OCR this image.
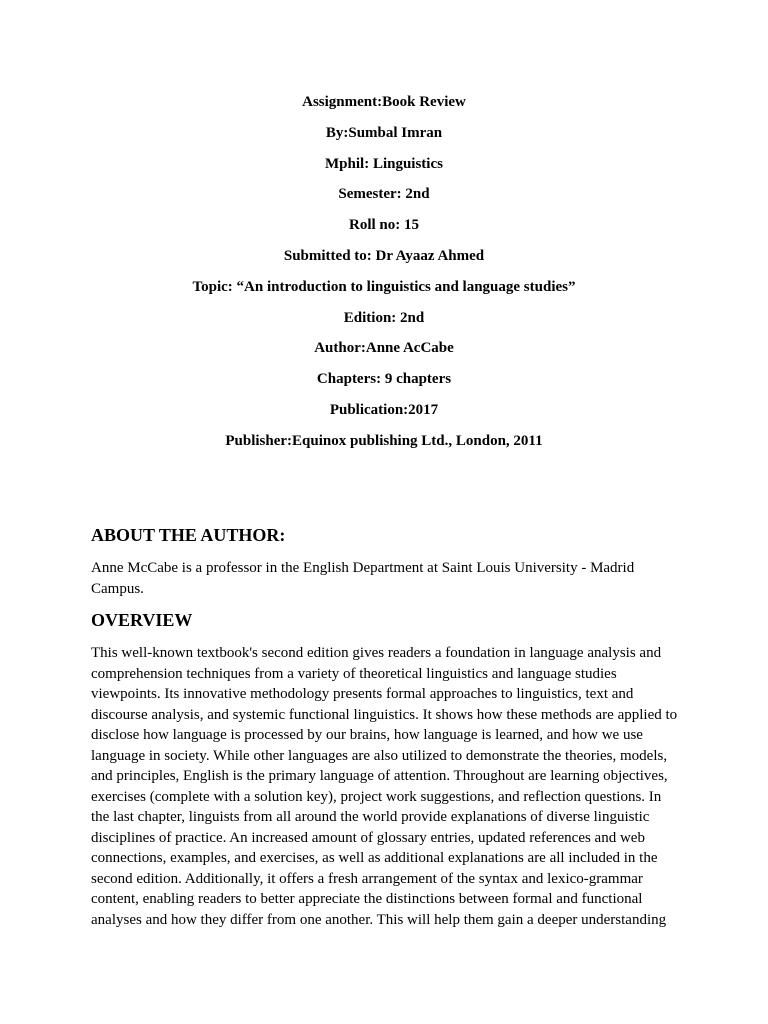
Assignment:Book Review

By:Sumbal Imran

Mphil: Linguistics

Semester: 2nd

Roll no: 15

Submitted to: Dr Ayaaz Ahmed

Topic: “An introduction to linguistics and language studies”

Edition: 2nd

Author:Anne AcCabe

Chapters: 9 chapters

Publication:2017

Publisher:Equinox publishing Ltd., London, 2011

ABOUT THE AUTHOR:

Anne McCabe is a professor in the English Department at Saint Louis University - Madrid Campus.

OVERVIEW

This well-known textbook's second edition gives readers a foundation in language analysis and comprehension techniques from a variety of theoretical linguistics and language studies viewpoints. Its innovative methodology presents formal approaches to linguistics, text and discourse analysis, and systemic functional linguistics. It shows how these methods are applied to disclose how language is processed by our brains, how language is learned, and how we use language in society. While other languages are also utilized to demonstrate the theories, models, and principles, English is the primary language of attention. Throughout are learning objectives, exercises (complete with a solution key), project work suggestions, and reflection questions. In the last chapter, linguists from all around the world provide explanations of diverse linguistic disciplines of practice. An increased amount of glossary entries, updated references and web connections, examples, and exercises, as well as additional explanations are all included in the second edition. Additionally, it offers a fresh arrangement of the syntax and lexico-grammar content, enabling readers to better appreciate the distinctions between formal and functional analyses and how they differ from one another. This will help them gain a deeper understanding
